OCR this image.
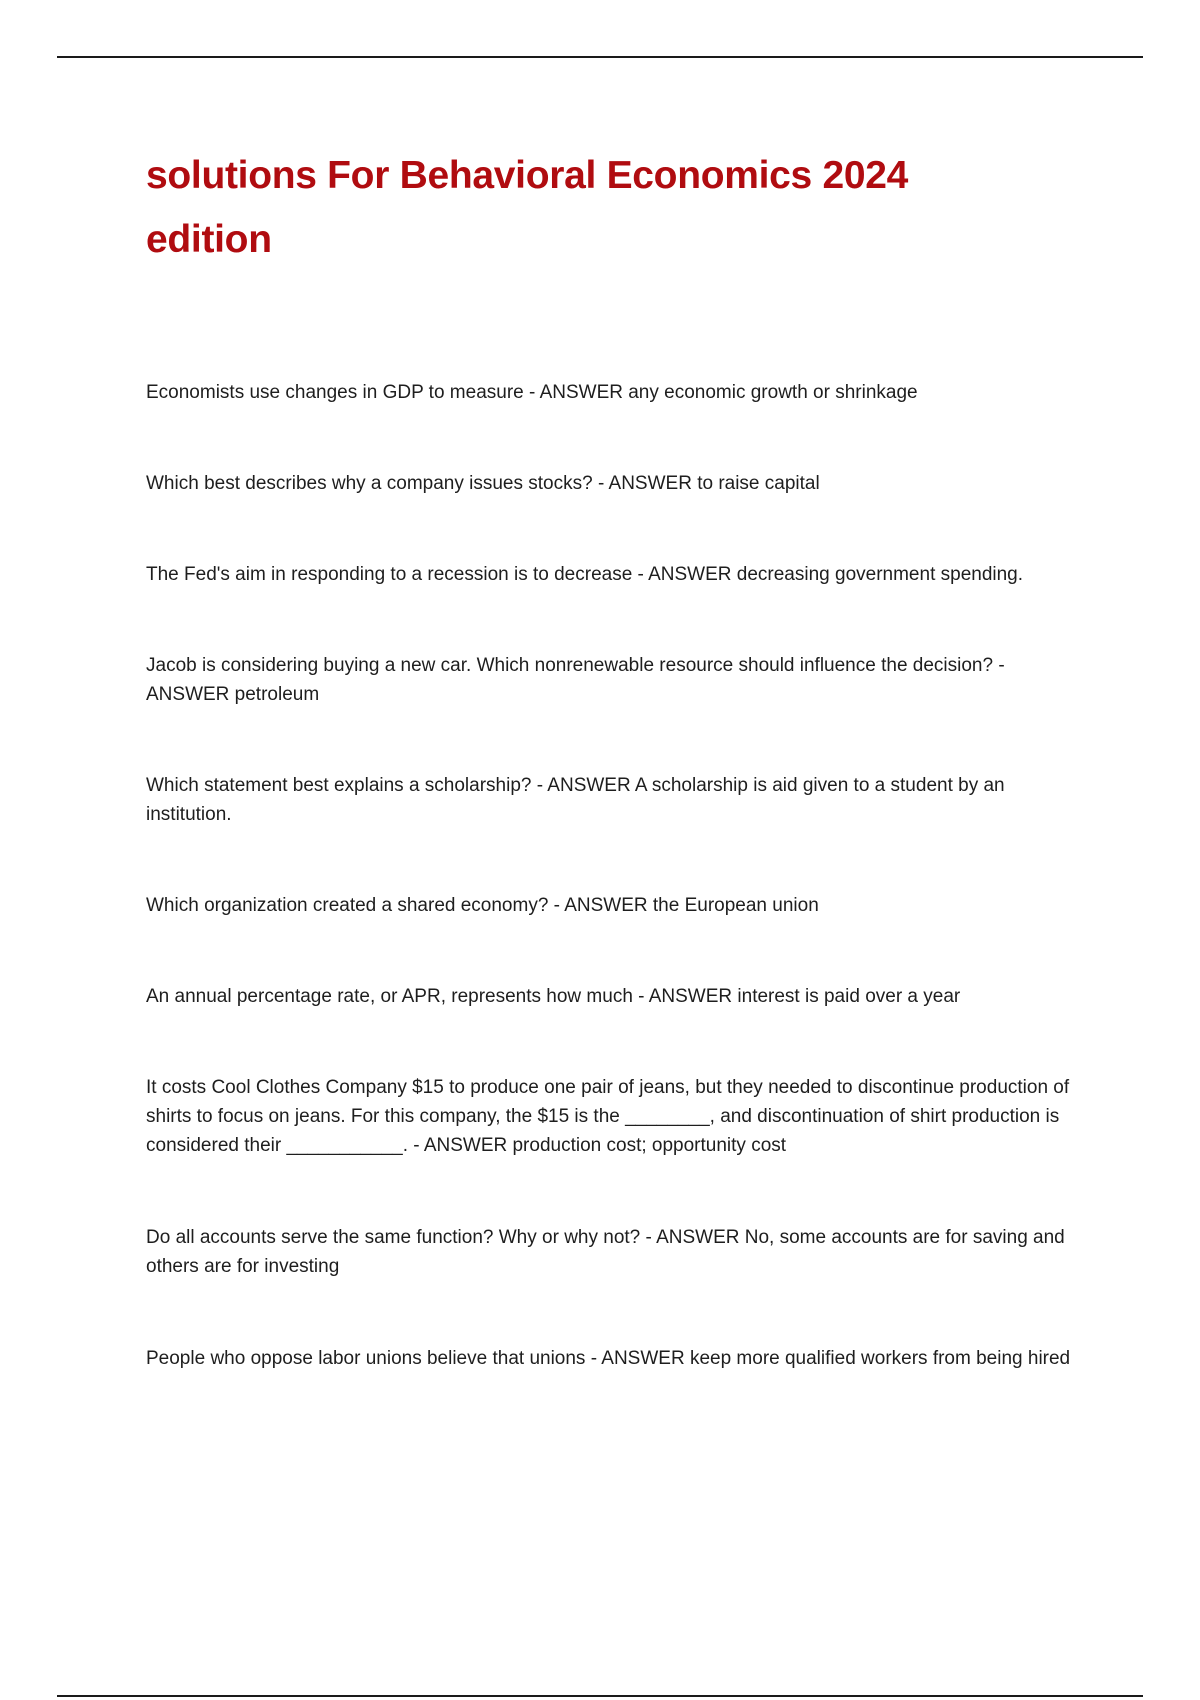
solutions For Behavioral Economics 2024 edition

Economists use changes in GDP to measure - ANSWER any economic growth or shrinkage

Which best describes why a company issues stocks? - ANSWER to raise capital

The Fed's aim in responding to a recession is to decrease - ANSWER decreasing government spending.

Jacob is considering buying a new car. Which nonrenewable resource should influence the decision? - ANSWER petroleum

Which statement best explains a scholarship? - ANSWER A scholarship is aid given to a student by an institution.

Which organization created a shared economy? - ANSWER the European union

An annual percentage rate, or APR, represents how much - ANSWER interest is paid over a year

It costs Cool Clothes Company $15 to produce one pair of jeans, but they needed to discontinue production of shirts to focus on jeans. For this company, the $15 is the ________, and discontinuation of shirt production is considered their ___________. - ANSWER production cost; opportunity cost

Do all accounts serve the same function? Why or why not? - ANSWER No, some accounts are for saving and others are for investing

People who oppose labor unions believe that unions - ANSWER keep more qualified workers from being hired
